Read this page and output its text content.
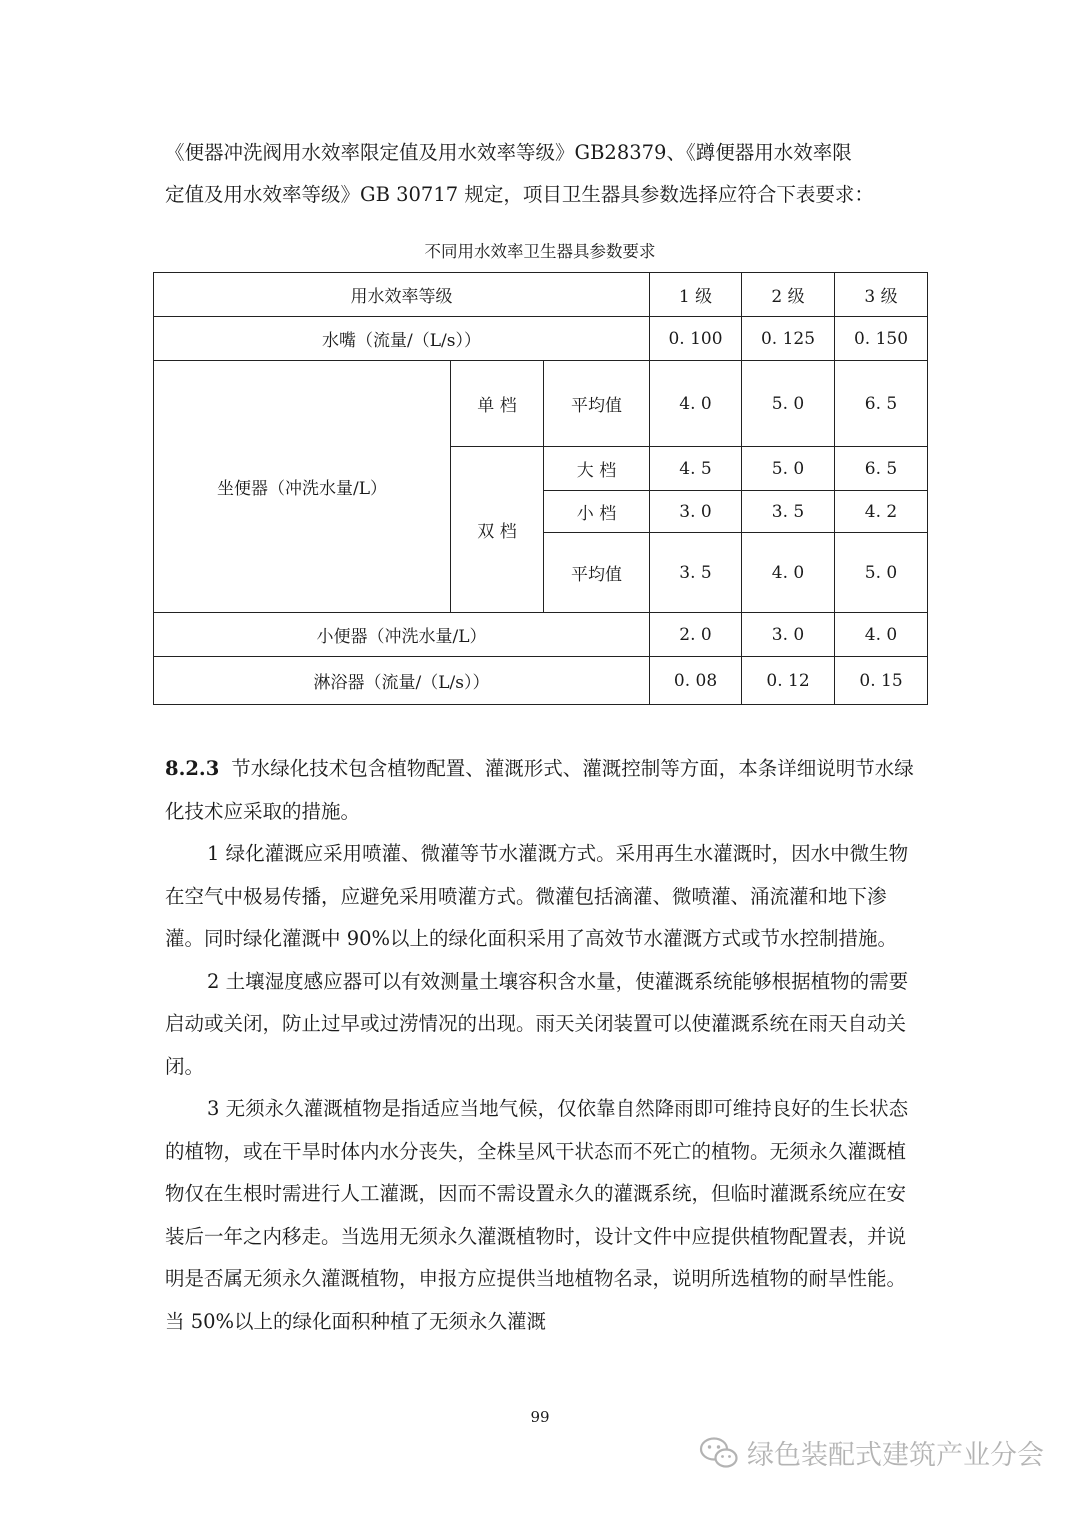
《便器冲洗阀用水效率限定值及用水效率等级》GB28379、《蹲便器用水效率限

定值及用水效率等级》GB 30717 规定，项目卫生器具参数选择应符合下表要求：

不同用水效率卫生器具参数要求
用水效率等级			1 级	2 级	3 级
水嘴（流量/（L/s））			0. 100	0. 125	0. 150
坐便器（冲洗水量/L）	单 档	平均值	4. 0	5. 0	6. 5
	双 档	大 档	4. 5	5. 0	6. 5
		小 档	3. 0	3. 5	4. 2
		平均值	3. 5	4. 0	5. 0
小便器（冲洗水量/L）			2. 0	3. 0	4. 0
淋浴器（流量/（L/s））			0. 08	0. 12	0. 15

8.2.3 节水绿化技术包含植物配置、灌溉形式、灌溉控制等方面，本条详细说明节水绿化技术应采取的措施。

1 绿化灌溉应采用喷灌、微灌等节水灌溉方式。采用再生水灌溉时，因水中微生物在空气中极易传播，应避免采用喷灌方式。微灌包括滴灌、微喷灌、涌流灌和地下渗灌。同时绿化灌溉中 90%以上的绿化面积采用了高效节水灌溉方式或节水控制措施。

2 土壤湿度感应器可以有效测量土壤容积含水量，使灌溉系统能够根据植物的需要启动或关闭，防止过早或过涝情况的出现。雨天关闭装置可以使灌溉系统在雨天自动关闭。

3 无须永久灌溉植物是指适应当地气候，仅依靠自然降雨即可维持良好的生长状态的植物，或在干旱时体内水分丧失，全株呈风干状态而不死亡的植物。无须永久灌溉植物仅在生根时需进行人工灌溉，因而不需设置永久的灌溉系统，但临时灌溉系统应在安装后一年之内移走。当选用无须永久灌溉植物时，设计文件中应提供植物配置表，并说明是否属无须永久灌溉植物，申报方应提供当地植物名录，说明所选植物的耐旱性能。当 50%以上的绿化面积种植了无须永久灌溉

99
绿色装配式建筑产业分会
